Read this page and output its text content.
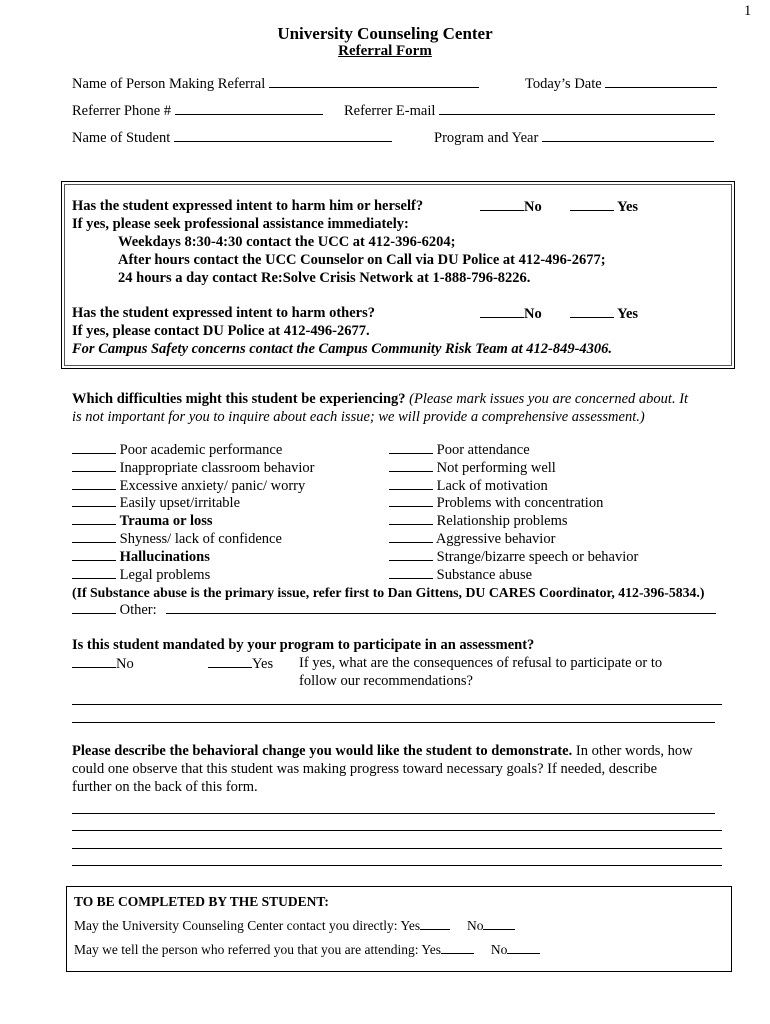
1
University Counseling Center
Referral Form
Name of Person Making Referral	Today’s Date
Referrer Phone #	Referrer E-mail
Name of Student	Program and Year
Has the student expressed intent to harm him or herself?	No	Yes
If yes, please seek professional assistance immediately:
Weekdays 8:30-4:30 contact the UCC at 412-396-6204;
After hours contact the UCC Counselor on Call via DU Police at 412-496-2677;
24 hours a day contact Re:Solve Crisis Network at 1-888-796-8226.
Has the student expressed intent to harm others?	No	Yes
If yes, please contact DU Police at 412-496-2677.
For Campus Safety concerns contact the Campus Community Risk Team at 412-849-4306.
Which difficulties might this student be experiencing? (Please mark issues you are concerned about. It
is not important for you to inquire about each issue; we will provide a comprehensive assessment.)
Poor academic performance
Inappropriate classroom behavior
Excessive anxiety/ panic/ worry
Easily upset/irritable
Trauma or loss
Shyness/ lack of confidence
Hallucinations
Legal problems
Poor attendance
Not performing well
Lack of motivation
Problems with concentration
Relationship problems
Aggressive behavior
Strange/bizarre speech or behavior
Substance abuse
(If Substance abuse is the primary issue, refer first to Dan Gittens, DU CARES Coordinator, 412-396-5834.)
Other:
Is this student mandated by your program to participate in an assessment?
No	Yes If yes, what are the consequences of refusal to participate or to
follow our recommendations?
Please describe the behavioral change you would like the student to demonstrate. In other words, how
could one observe that this student was making progress toward necessary goals? If needed, describe
further on the back of this form.
TO BE COMPLETED BY THE STUDENT:
May the University Counseling Center contact you directly: Yes	No
May we tell the person who referred you that you are attending: Yes	No
